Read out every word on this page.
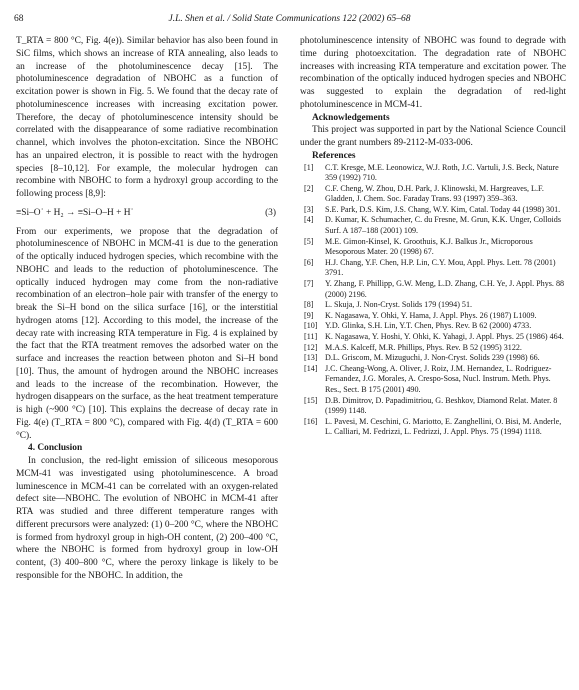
68	J.L. Shen et al. / Solid State Communications 122 (2002) 65–68

T_RTA = 800 °C, Fig. 4(e)). Similar behavior has also been found in SiC films, which shows an increase of RTA annealing, also leads to an increase of the photoluminescence decay [15]. The photoluminescence degradation of NBOHC as a function of excitation power is shown in Fig. 5. We found that the decay rate of photoluminescence increases with increasing excitation power. Therefore, the decay of photoluminescence intensity should be correlated with the disappearance of some radiative recombination channel, which involves the photon-excitation. Since the NBOHC has an unpaired electron, it is possible to react with the hydrogen species [8–10,12]. For example, the molecular hydrogen can recombine with NBOHC to form a hydroxyl group according to the following process [8,9]:

≡Si–O˙ + H₂ → ≡Si–O–H + H˙	(3)

From our experiments, we propose that the degradation of photoluminescence of NBOHC in MCM-41 is due to the generation of the optically induced hydrogen species, which recombine with the NBOHC and leads to the reduction of photoluminescence. The optically induced hydrogen may come from the non-radiative recombination of an electron–hole pair with transfer of the energy to break the Si–H bond on the silica surface [16], or the interstitial hydrogen atoms [12]. According to this model, the increase of the decay rate with increasing RTA temperature in Fig. 4 is explained by the fact that the RTA treatment removes the adsorbed water on the surface and increases the reaction between photon and Si–H bond [10]. Thus, the amount of hydrogen around the NBOHC increases and leads to the increase of the recombination. However, the hydrogen disappears on the surface, as the heat treatment temperature is high (~900 °C) [10]. This explains the decrease of decay rate in Fig. 4(e) (T_RTA = 800 °C), compared with Fig. 4(d) (T_RTA = 600 °C).

4. Conclusion

In conclusion, the red-light emission of siliceous mesoporous MCM-41 was investigated using photoluminescence. A broad luminescence in MCM-41 can be correlated with an oxygen-related defect site—NBOHC. The evolution of NBOHC in MCM-41 after RTA was studied and three different temperature ranges with different precursors were analyzed: (1) 0–200 °C, where the NBOHC is formed from hydroxyl group in high-OH content, (2) 200–400 °C, where the NBOHC is formed from hydroxyl group in low-OH content, (3) 400–800 °C, where the peroxy linkage is likely to be responsible for the NBOHC. In addition, the

photoluminescence intensity of NBOHC was found to degrade with time during photoexcitation. The degradation rate of NBOHC increases with increasing RTA temperature and excitation power. The recombination of the optically induced hydrogen species and NBOHC was suggested to explain the degradation of red-light photoluminescence in MCM-41.

Acknowledgements

This project was supported in part by the National Science Council under the grant numbers 89-2112-M-033-006.

References

[1] C.T. Kresge, M.E. Leonowicz, W.J. Roth, J.C. Vartuli, J.S. Beck, Nature 359 (1992) 710.
[2] C.F. Cheng, W. Zhou, D.H. Park, J. Klinowski, M. Hargreaves, L.F. Gladden, J. Chem. Soc. Faraday Trans. 93 (1997) 359–363.
[3] S.E. Park, D.S. Kim, J.S. Chang, W.Y. Kim, Catal. Today 44 (1998) 301.
[4] D. Kumar, K. Schumacher, C. du Fresne, M. Grun, K.K. Unger, Colloids Surf. A 187–188 (2001) 109.
[5] M.E. Gimon-Kinsel, K. Groothuis, K.J. Balkus Jr., Microporous Mesoporous Mater. 20 (1998) 67.
[6] H.J. Chang, Y.F. Chen, H.P. Lin, C.Y. Mou, Appl. Phys. Lett. 78 (2001) 3791.
[7] Y. Zhang, F. Phillipp, G.W. Meng, L.D. Zhang, C.H. Ye, J. Appl. Phys. 88 (2000) 2196.
[8] L. Skuja, J. Non-Cryst. Solids 179 (1994) 51.
[9] K. Nagasawa, Y. Ohki, Y. Hama, J. Appl. Phys. 26 (1987) L1009.
[10] Y.D. Glinka, S.H. Lin, Y.T. Chen, Phys. Rev. B 62 (2000) 4733.
[11] K. Nagasawa, Y. Hoshi, Y. Ohki, K. Yahagi, J. Appl. Phys. 25 (1986) 464.
[12] M.A.S. Kalceff, M.R. Phillips, Phys. Rev. B 52 (1995) 3122.
[13] D.L. Griscom, M. Mizuguchi, J. Non-Cryst. Solids 239 (1998) 66.
[14] J.C. Cheang-Wong, A. Oliver, J. Roiz, J.M. Hernandez, L. Rodriguez-Fernandez, J.G. Morales, A. Crespo-Sosa, Nucl. Instrum. Meth. Phys. Res., Sect. B 175 (2001) 490.
[15] D.B. Dimitrov, D. Papadimitriou, G. Beshkov, Diamond Relat. Mater. 8 (1999) 1148.
[16] L. Pavesi, M. Ceschini, G. Mariotto, E. Zanghellini, O. Bisi, M. Anderle, L. Calliari, M. Fedrizzi, L. Fedrizzi, J. Appl. Phys. 75 (1994) 1118.
